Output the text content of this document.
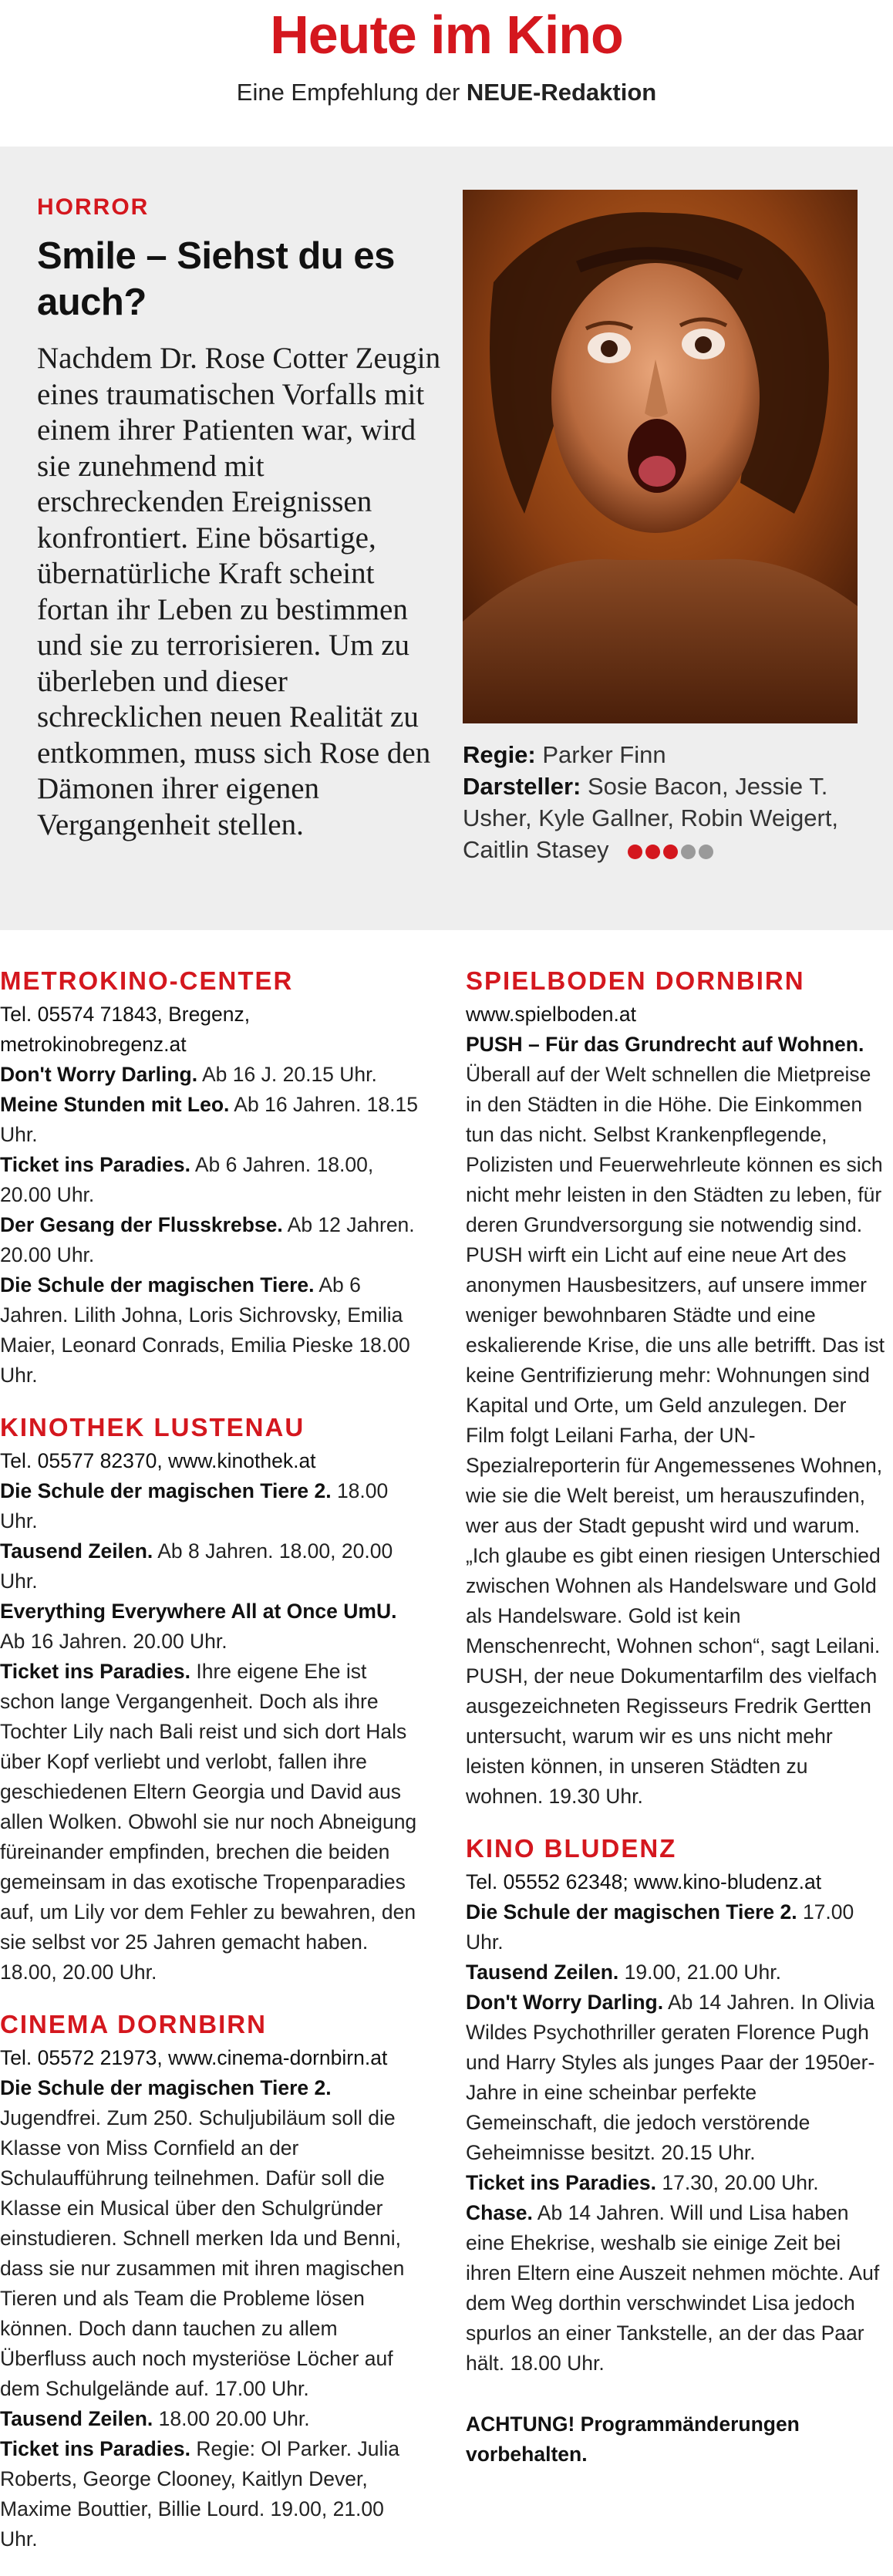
Heute im Kino
Eine Empfehlung der NEUE-Redaktion
HORROR
Smile – Siehst du es auch?
Nachdem Dr. Rose Cotter Zeugin eines traumatischen Vorfalls mit einem ihrer Patienten war, wird sie zunehmend mit erschreckenden Ereignissen konfrontiert. Eine bösartige, übernatürliche Kraft scheint fortan ihr Leben zu bestimmen und sie zu terrorisieren. Um zu überleben und dieser schrecklichen neuen Realität zu entkommen, muss sich Rose den Dämonen ihrer eigenen Vergangenheit stellen.
Regie: Parker Finn
Darsteller: Sosie Bacon, Jessie T. Usher, Kyle Gallner, Robin Weigert, Caitlin Stasey
METROKINO-CENTER
Tel. 05574 71843, Bregenz, metrokinobregenz.at
Don't Worry Darling. Ab 16 J. 20.15 Uhr.
Meine Stunden mit Leo. Ab 16 Jahren. 18.15 Uhr.
Ticket ins Paradies. Ab 6 Jahren. 18.00, 20.00 Uhr.
Der Gesang der Flusskrebse. Ab 12 Jahren. 20.00 Uhr.
Die Schule der magischen Tiere. Ab 6 Jahren. Lilith Johna, Loris Sichrovsky, Emilia Maier, Leonard Conrads, Emilia Pieske 18.00 Uhr.
KINOTHEK LUSTENAU
Tel. 05577 82370, www.kinothek.at
Die Schule der magischen Tiere 2. 18.00 Uhr.
Tausend Zeilen. Ab 8 Jahren. 18.00, 20.00 Uhr.
Everything Everywhere All at Once UmU. Ab 16 Jahren. 20.00 Uhr.
Ticket ins Paradies. Ihre eigene Ehe ist schon lange Vergangenheit. Doch als ihre Tochter Lily nach Bali reist und sich dort Hals über Kopf verliebt und verlobt, fallen ihre geschiedenen Eltern Georgia und David aus allen Wolken. Obwohl sie nur noch Abneigung füreinander empfinden, brechen die beiden gemeinsam in das exotische Tropenparadies auf, um Lily vor dem Fehler zu bewahren, den sie selbst vor 25 Jahren gemacht haben. 18.00, 20.00 Uhr.
CINEMA DORNBIRN
Tel. 05572 21973, www.cinema-dornbirn.at
Die Schule der magischen Tiere 2. Jugendfrei. Zum 250. Schuljubiläum soll die Klasse von Miss Cornfield an der Schulaufführung teilnehmen. Dafür soll die Klasse ein Musical über den Schulgründer einstudieren. Schnell merken Ida und Benni, dass sie nur zusammen mit ihren magischen Tieren und als Team die Probleme lösen können. Doch dann tauchen zu allem Überfluss auch noch mysteriöse Löcher auf dem Schulgelände auf. 17.00 Uhr.
Tausend Zeilen. 18.00 20.00 Uhr.
Ticket ins Paradies. Regie: Ol Parker. Julia Roberts, George Clooney, Kaitlyn Dever, Maxime Bouttier, Billie Lourd. 19.00, 21.00 Uhr.
SPIELBODEN DORNBIRN
www.spielboden.at
PUSH – Für das Grundrecht auf Wohnen. Überall auf der Welt schnellen die Mietpreise in den Städten in die Höhe. Die Einkommen tun das nicht. Selbst Krankenpflegende, Polizisten und Feuerwehrleute können es sich nicht mehr leisten in den Städten zu leben, für deren Grundversorgung sie notwendig sind. PUSH wirft ein Licht auf eine neue Art des anonymen Hausbesitzers, auf unsere immer weniger bewohnbaren Städte und eine eskalierende Krise, die uns alle betrifft. Das ist keine Gentrifizierung mehr: Wohnungen sind Kapital und Orte, um Geld anzulegen. Der Film folgt Leilani Farha, der UN-Spezialreporterin für Angemessenes Wohnen, wie sie die Welt bereist, um herauszufinden, wer aus der Stadt gepusht wird und warum. „Ich glaube es gibt einen riesigen Unterschied zwischen Wohnen als Handelsware und Gold als Handelsware. Gold ist kein Menschenrecht, Wohnen schon“, sagt Leilani. PUSH, der neue Dokumentarfilm des vielfach ausgezeichneten Regisseurs Fredrik Gertten untersucht, warum wir es uns nicht mehr leisten können, in unseren Städten zu wohnen. 19.30 Uhr.
KINO BLUDENZ
Tel. 05552 62348; www.kino-bludenz.at
Die Schule der magischen Tiere 2. 17.00 Uhr.
Tausend Zeilen. 19.00, 21.00 Uhr.
Don't Worry Darling. Ab 14 Jahren. In Olivia Wildes Psychothriller geraten Florence Pugh und Harry Styles als junges Paar der 1950er- Jahre in eine scheinbar perfekte Gemeinschaft, die jedoch verstörende Geheimnisse besitzt. 20.15 Uhr.
Ticket ins Paradies. 17.30, 20.00 Uhr.
Chase. Ab 14 Jahren. Will und Lisa haben eine Ehekrise, weshalb sie einige Zeit bei ihren Eltern eine Auszeit nehmen möchte. Auf dem Weg dorthin verschwindet Lisa jedoch spurlos an einer Tankstelle, an der das Paar hält. 18.00 Uhr.
ACHTUNG! Programmänderungen vorbehalten.
